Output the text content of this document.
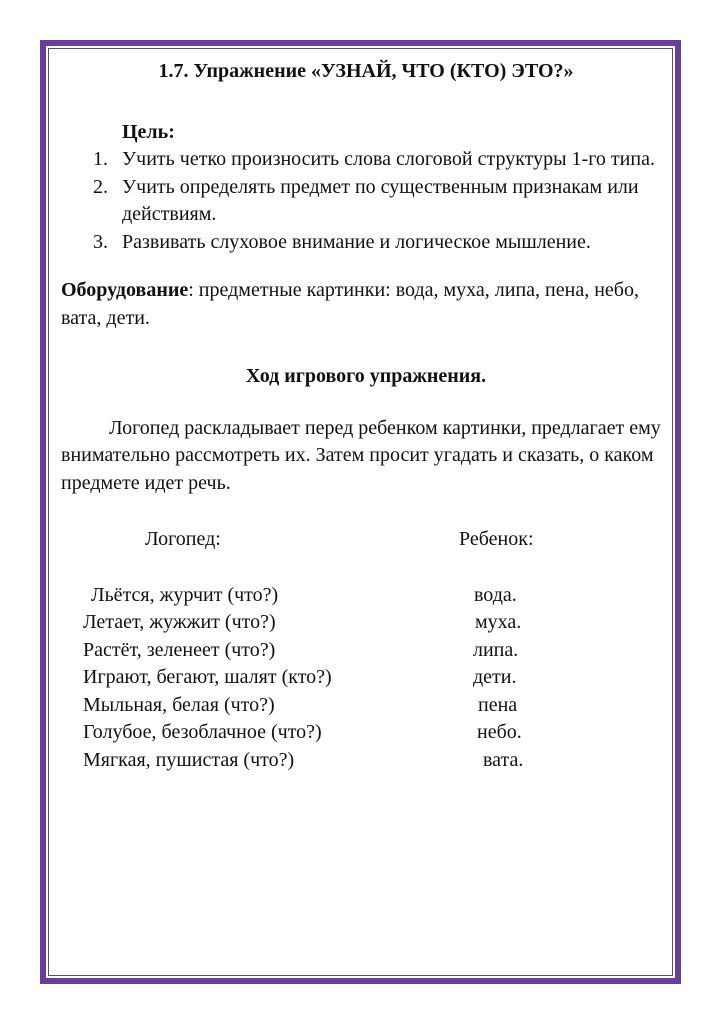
1.7. Упражнение «УЗНАЙ, ЧТО (КТО) ЭТО?»
Цель:
1. Учить четко произносить слова слоговой структуры 1-го типа.
2. Учить определять предмет по существенным признакам или действиям.
3. Развивать слуховое внимание и логическое мышление.
Оборудование: предметные картинки: вода, муха, липа, пена, небо, вата, дети.
Ход игрового упражнения.
Логопед раскладывает перед ребенком картинки, предлагает ему внимательно рассмотреть их. Затем просит угадать и сказать, о каком предмете идет речь.
Логопед:
Льётся, журчит (что?)
Летает, жужжит (что?)
Растёт, зеленеет (что?)
Играют, бегают, шалят (кто?)
Мыльная, белая (что?)
Голубое, безоблачное (что?)
Мягкая, пушистая (что?)
Ребенок:
вода.
муха.
липа.
дети.
пена
небо.
вата.
